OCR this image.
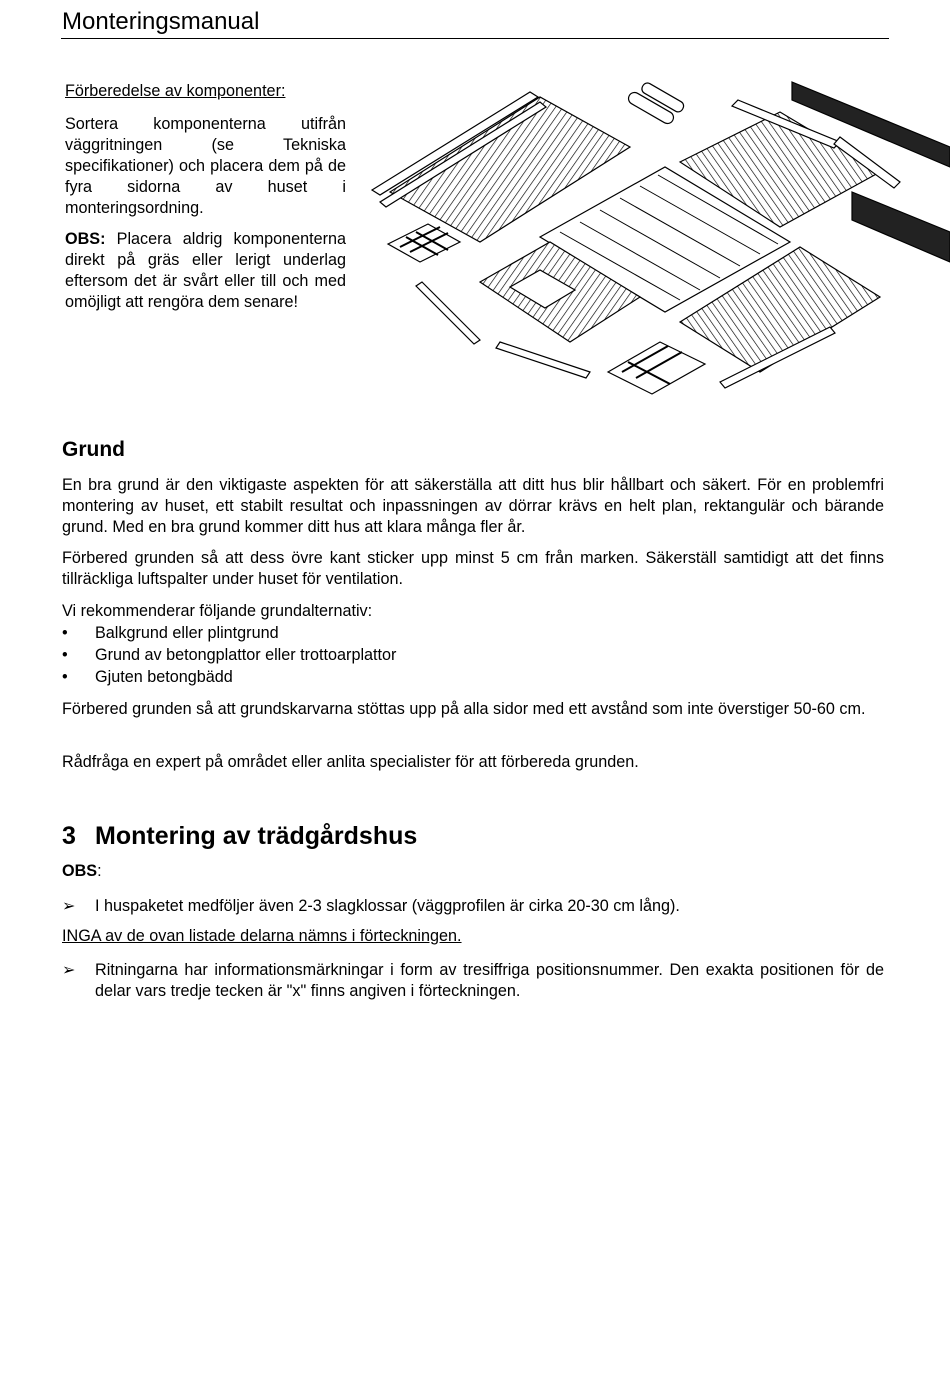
Monteringsmanual
Förberedelse av komponenter:
Sortera komponenterna utifrån väggritningen (se Tekniska specifikationer) och placera dem på de fyra sidorna av huset i monteringsordning.
OBS: Placera aldrig komponenterna direkt på gräs eller lerigt underlag eftersom det är svårt eller till och med omöjligt att rengöra dem senare!
Grund
En bra grund är den viktigaste aspekten för att säkerställa att ditt hus blir hållbart och säkert. För en problemfri montering av huset, ett stabilt resultat och inpassningen av dörrar krävs en helt plan, rektangulär och bärande grund. Med en bra grund kommer ditt hus att klara många fler år.
Förbered grunden så att dess övre kant sticker upp minst 5 cm från marken. Säkerställ samtidigt att det finns tillräckliga luftspalter under huset för ventilation.
Vi rekommenderar följande grundalternativ:
• Balkgrund eller plintgrund
• Grund av betongplattor eller trottoarplattor
• Gjuten betongbädd
Förbered grunden så att grundskarvarna stöttas upp på alla sidor med ett avstånd som inte överstiger 50-60 cm.
Rådfråga en expert på området eller anlita specialister för att förbereda grunden.
3 Montering av trädgårdshus
OBS:
➢ I huspaketet medföljer även 2-3 slagklossar (väggprofilen är cirka 20-30 cm lång).
INGA av de ovan listade delarna nämns i förteckningen.
➢ Ritningarna har informationsmärkningar i form av tresiffriga positionsnummer. Den exakta positionen för de delar vars tredje tecken är "x" finns angiven i förteckningen.
